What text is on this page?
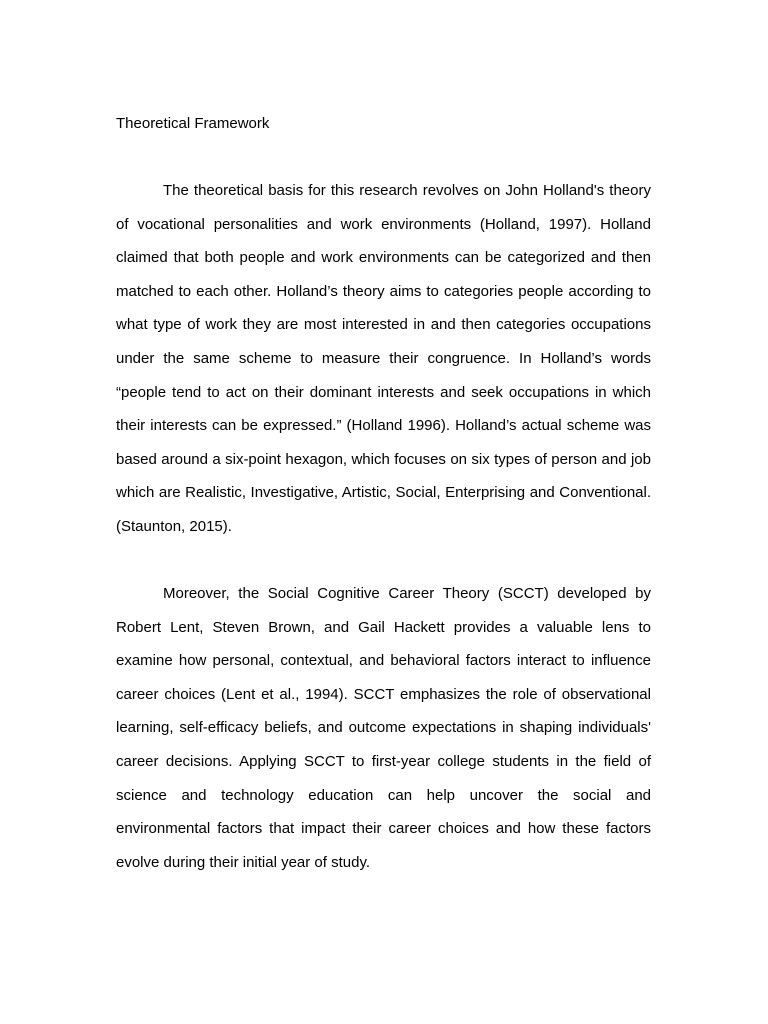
Theoretical Framework

The theoretical basis for this research revolves on John Holland's theory of vocational personalities and work environments (Holland, 1997). Holland claimed that both people and work environments can be categorized and then matched to each other. Holland’s theory aims to categories people according to what type of work they are most interested in and then categories occupations under the same scheme to measure their congruence. In Holland’s words “people tend to act on their dominant interests and seek occupations in which their interests can be expressed.” (Holland 1996). Holland’s actual scheme was based around a six-point hexagon, which focuses on six types of person and job which are Realistic, Investigative, Artistic, Social, Enterprising and Conventional. (Staunton, 2015).

Moreover, the Social Cognitive Career Theory (SCCT) developed by Robert Lent, Steven Brown, and Gail Hackett provides a valuable lens to examine how personal, contextual, and behavioral factors interact to influence career choices (Lent et al., 1994). SCCT emphasizes the role of observational learning, self-efficacy beliefs, and outcome expectations in shaping individuals' career decisions. Applying SCCT to first-year college students in the field of science and technology education can help uncover the social and environmental factors that impact their career choices and how these factors evolve during their initial year of study.
